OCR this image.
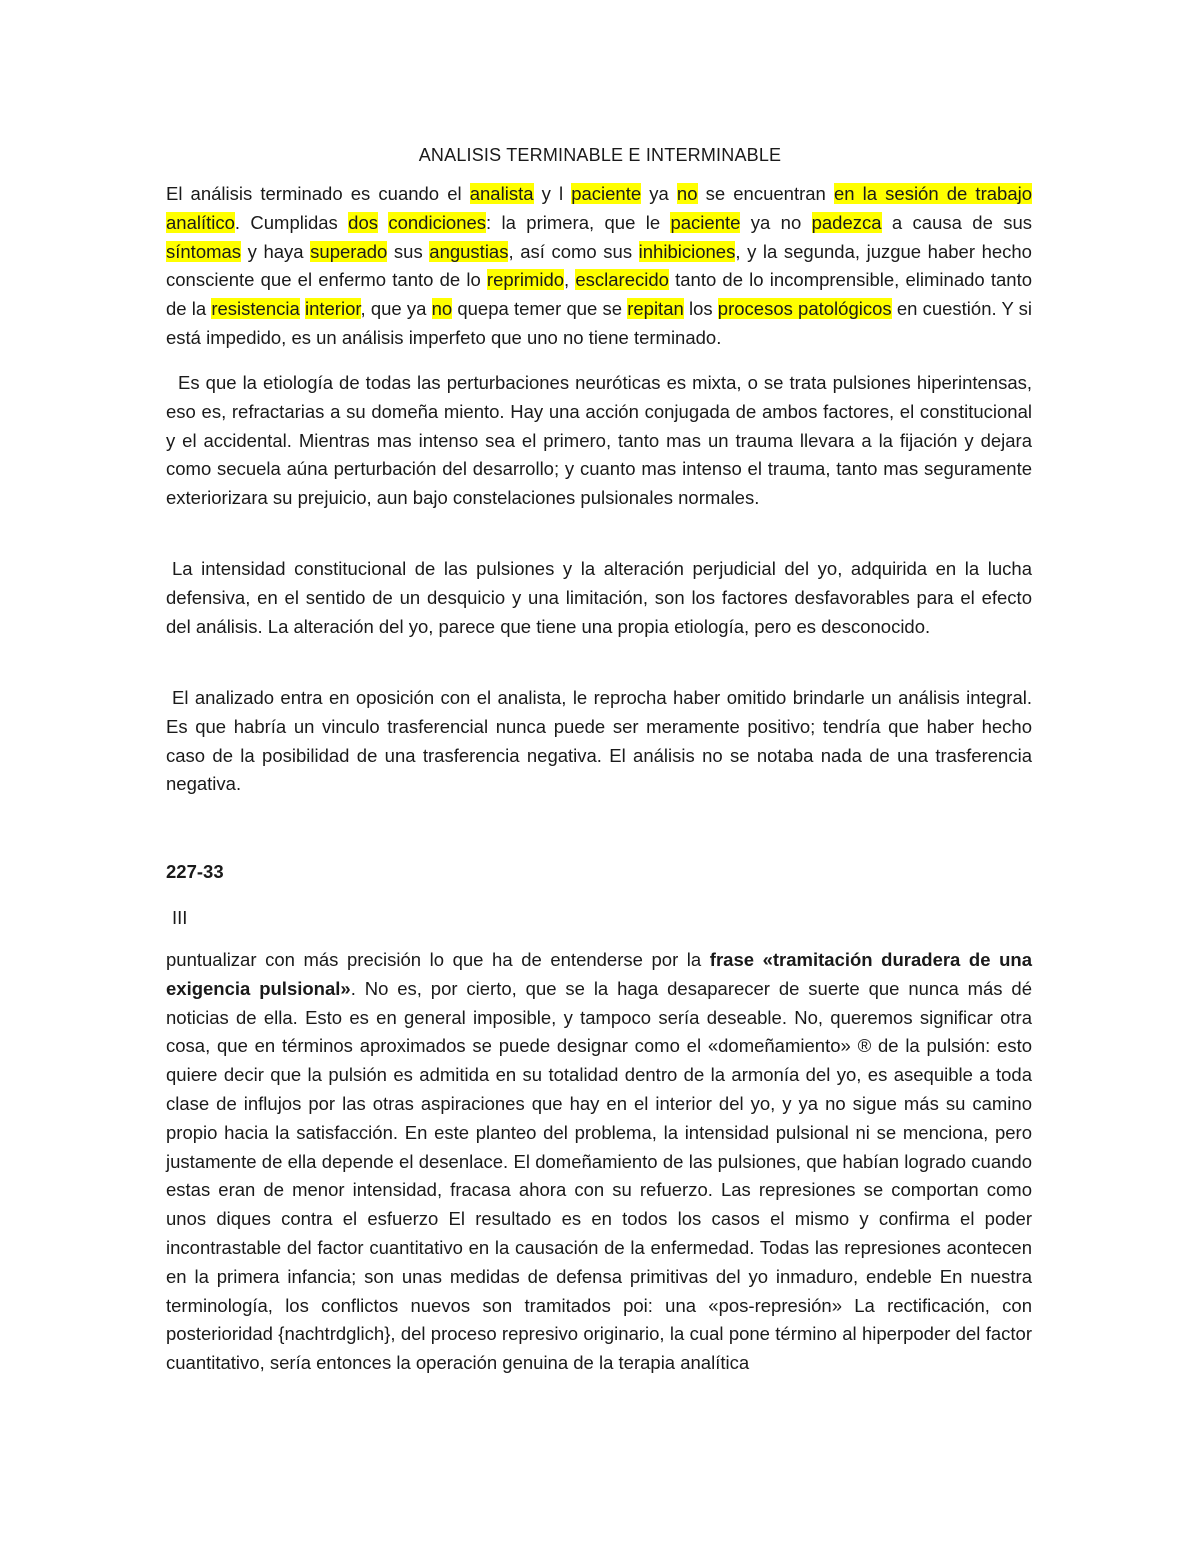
ANALISIS TERMINABLE E INTERMINABLE

El análisis terminado es cuando el analista y l paciente ya no se encuentran en la sesión de trabajo analítico. Cumplidas dos condiciones: la primera, que le paciente ya no padezca a causa de sus síntomas y haya superado sus angustias, así como sus inhibiciones, y la segunda, juzgue haber hecho consciente que el enfermo tanto de lo reprimido, esclarecido tanto de lo incomprensible, eliminado tanto de la resistencia interior, que ya no quepa temer que se repitan los procesos patológicos en cuestión. Y si está impedido, es un análisis imperfeto que uno no tiene terminado.

Es que la etiología de todas las perturbaciones neuróticas es mixta, o se trata pulsiones hiperintensas, eso es, refractarias a su domeña miento. Hay una acción conjugada de ambos factores, el constitucional y el accidental. Mientras mas intenso sea el primero, tanto mas un trauma llevara a la fijación y dejara como secuela aúna perturbación del desarrollo; y cuanto mas intenso el trauma, tanto mas seguramente exteriorizara su prejuicio, aun bajo constelaciones pulsionales normales.

La intensidad constitucional de las pulsiones y la alteración perjudicial del yo, adquirida en la lucha defensiva, en el sentido de un desquicio y una limitación, son los factores desfavorables para el efecto del análisis. La alteración del yo, parece que tiene una propia etiología, pero es desconocido.

El analizado entra en oposición con el analista, le reprocha haber omitido brindarle un análisis integral. Es que habría un vinculo trasferencial nunca puede ser meramente positivo; tendría que haber hecho caso de la posibilidad de una trasferencia negativa. El análisis no se notaba nada de una trasferencia negativa.

227-33
III

puntualizar con más precisión lo que ha de entenderse por la frase «tramitación duradera de una exigencia pulsional». No es, por cierto, que se la haga desaparecer de suerte que nunca más dé noticias de ella. Esto es en general imposible, y tampoco sería deseable. No, queremos significar otra cosa, que en términos aproximados se puede designar como el «domeñamiento» ® de la pulsión: esto quiere decir que la pulsión es admitida en su totalidad dentro de la armonía del yo, es asequible a toda clase de influjos por las otras aspiraciones que hay en el interior del yo, y ya no sigue más su camino propio hacia la satisfacción. En este planteo del problema, la intensidad pulsional ni se menciona, pero justamente de ella depende el desenlace. El domeñamiento de las pulsiones, que habían logrado cuando estas eran de menor intensidad, fracasa ahora con su refuerzo. Las represiones se comportan como unos diques contra el esfuerzo El resultado es en todos los casos el mismo y confirma el poder incontrastable del factor cuantitativo en la causación de la enfermedad. Todas las represiones acontecen en la primera infancia; son unas medidas de defensa primitivas del yo inmaduro, endeble En nuestra terminología, los conflictos nuevos son tramitados poi: una «pos-represión» La rectificación, con posterioridad {nachtrdglich}, del proceso represivo originario, la cual pone término al hiperpoder del factor cuantitativo, sería entonces la operación genuina de la terapia analítica
